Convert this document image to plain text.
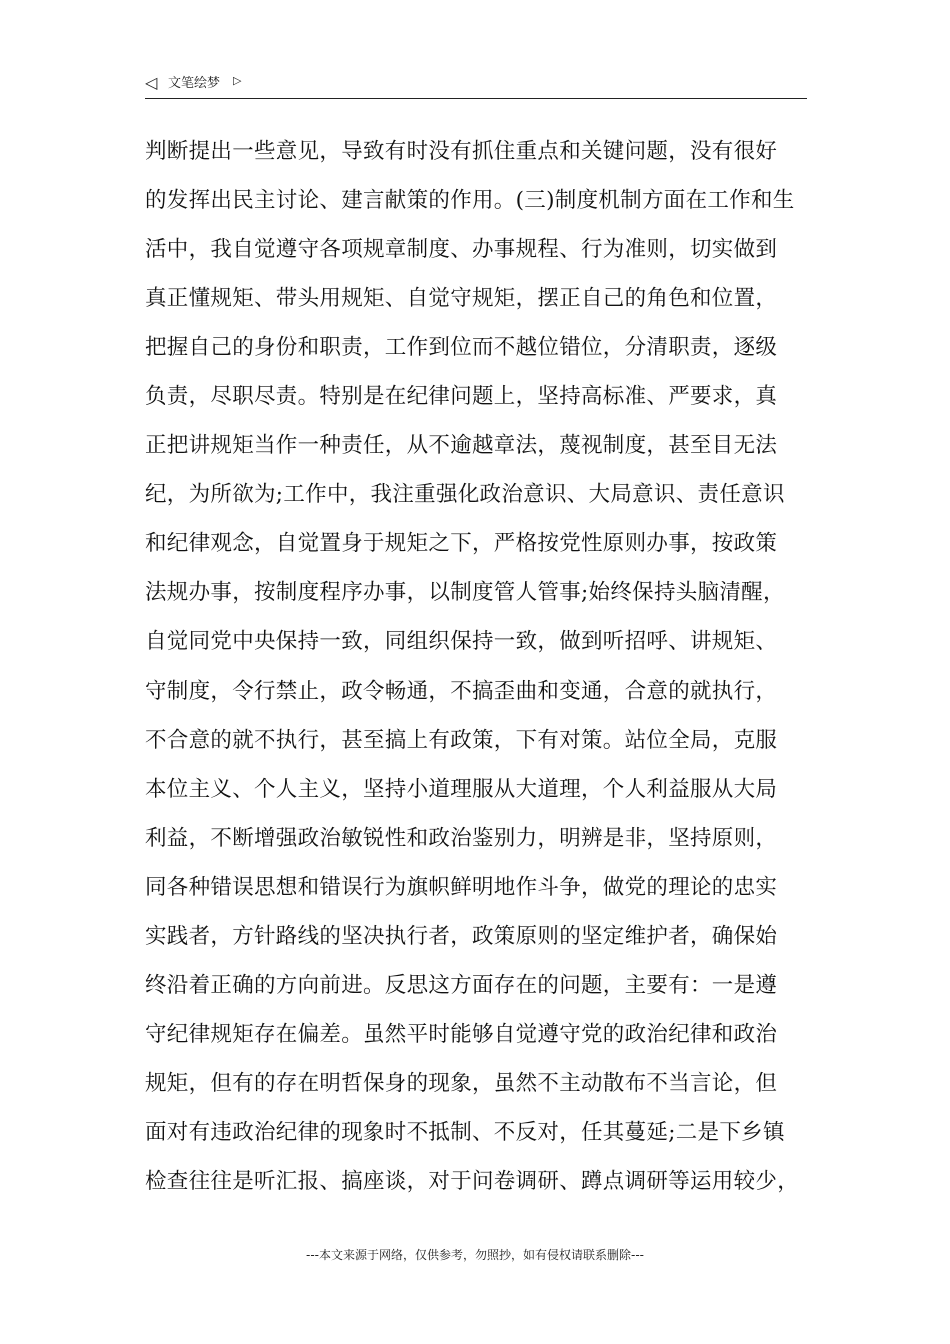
◁ 文笔绘梦 ▷
判断提出一些意见，导致有时没有抓住重点和关键问题，没有很好
的发挥出民主讨论、建言献策的作用。(三)制度机制方面在工作和生
活中，我自觉遵守各项规章制度、办事规程、行为准则，切实做到
真正懂规矩、带头用规矩、自觉守规矩，摆正自己的角色和位置，
把握自己的身份和职责，工作到位而不越位错位，分清职责，逐级
负责，尽职尽责。特别是在纪律问题上，坚持高标准、严要求，真
正把讲规矩当作一种责任，从不逾越章法，蔑视制度，甚至目无法
纪，为所欲为;工作中，我注重强化政治意识、大局意识、责任意识
和纪律观念，自觉置身于规矩之下，严格按党性原则办事，按政策
法规办事，按制度程序办事，以制度管人管事;始终保持头脑清醒，
自觉同党中央保持一致，同组织保持一致，做到听招呼、讲规矩、
守制度，令行禁止，政令畅通，不搞歪曲和变通，合意的就执行，
不合意的就不执行，甚至搞上有政策，下有对策。站位全局，克服
本位主义、个人主义，坚持小道理服从大道理，个人利益服从大局
利益，不断增强政治敏锐性和政治鉴别力，明辨是非，坚持原则，
同各种错误思想和错误行为旗帜鲜明地作斗争，做党的理论的忠实
实践者，方针路线的坚决执行者，政策原则的坚定维护者，确保始
终沿着正确的方向前进。反思这方面存在的问题，主要有：一是遵
守纪律规矩存在偏差。虽然平时能够自觉遵守党的政治纪律和政治
规矩，但有的存在明哲保身的现象，虽然不主动散布不当言论，但
面对有违政治纪律的现象时不抵制、不反对，任其蔓延;二是下乡镇
检查往往是听汇报、搞座谈，对于问卷调研、蹲点调研等运用较少，
---本文来源于网络，仅供参考，勿照抄，如有侵权请联系删除---
